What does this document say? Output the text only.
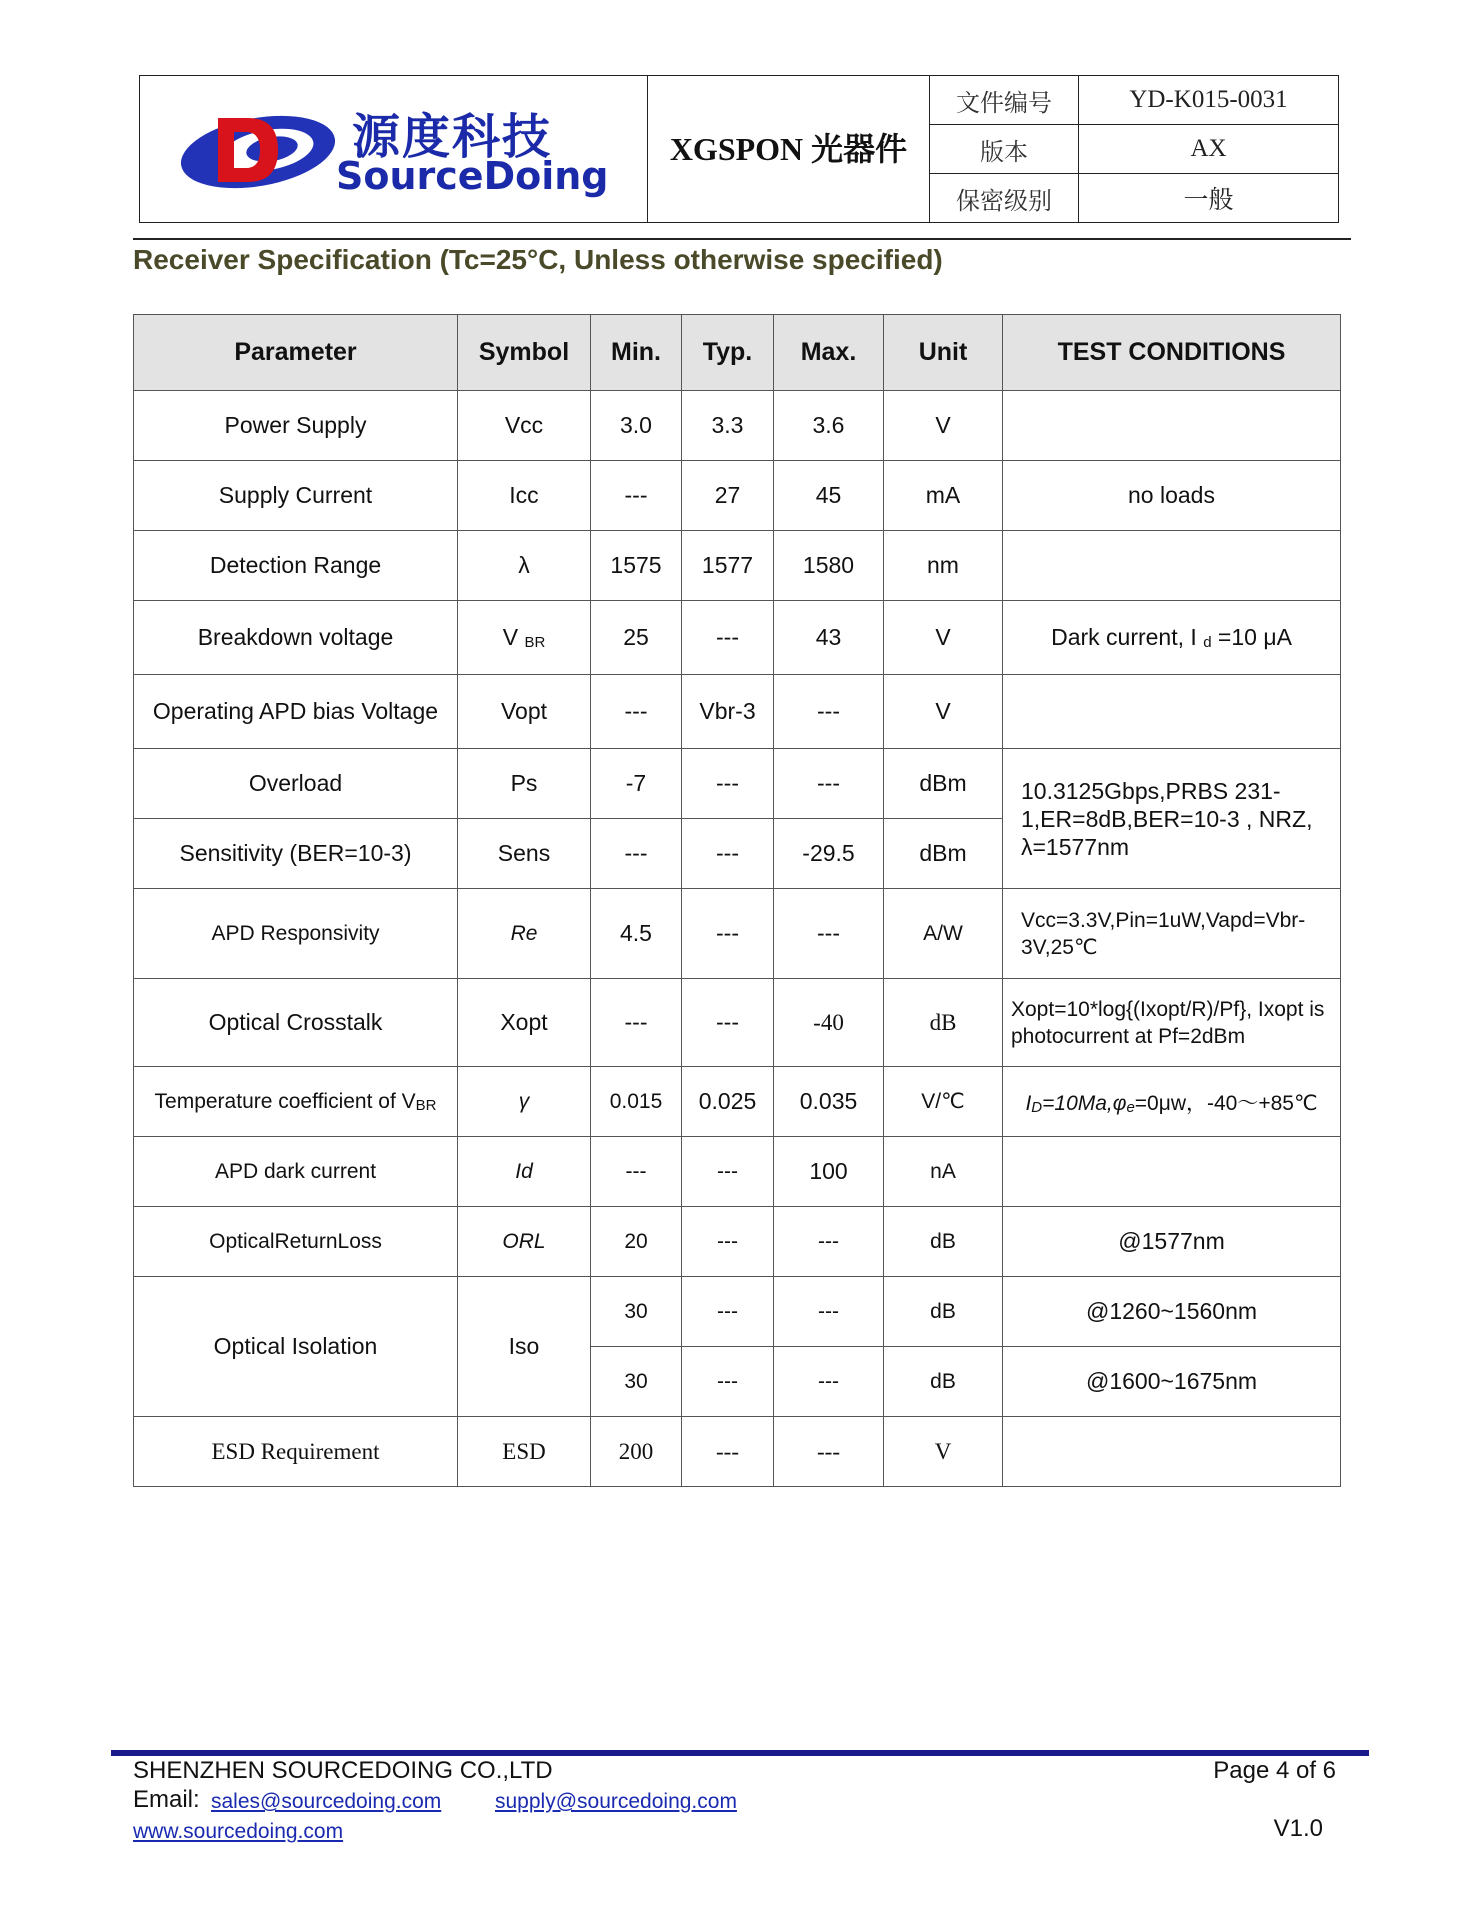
源度科技
SourceDoing
XGSPON 光器件
文件编号	YD-K015-0031
版本	AX
保密级别	一般
Receiver Specification (Tc=25°C, Unless otherwise specified)
Parameter	Symbol	Min.	Typ.	Max.	Unit	TEST CONDITIONS
Power Supply	Vcc	3.0	3.3	3.6	V	
Supply Current	Icc	---	27	45	mA	no loads
Detection Range	λ	1575	1577	1580	nm	
Breakdown voltage	V BR	25	---	43	V	Dark current, I d =10 μA
Operating APD bias Voltage	Vopt	---	Vbr-3	---	V	
Overload	Ps	-7	---	---	dBm	10.3125Gbps,PRBS 231-1,ER=8dB,BER=10-3 , NRZ, λ=1577nm
Sensitivity (BER=10-3)	Sens	---	---	-29.5	dBm	
APD Responsivity	Re	4.5	---	---	A/W	Vcc=3.3V,Pin=1uW,Vapd=Vbr-3V,25℃
Optical Crosstalk	Xopt	---	---	-40	dB	Xopt=10*log{(Ixopt/R)/Pf}, Ixopt is photocurrent at Pf=2dBm
Temperature coefficient of VBR	γ	0.015	0.025	0.035	V/℃	ID=10Ma,φe=0μw，-40～+85℃
APD dark current	Id	---	---	100	nA	
OpticalReturnLoss	ORL	20	---	---	dB	@1577nm
Optical Isolation	Iso	30	---	---	dB	@1260~1560nm
		30	---	---	dB	@1600~1675nm
ESD Requirement	ESD	200	---	---	V	
SHENZHEN SOURCEDOING CO.,LTD	Page 4 of 6
Email: sales@sourcedoing.com	supply@sourcedoing.com
www.sourcedoing.com	V1.0
